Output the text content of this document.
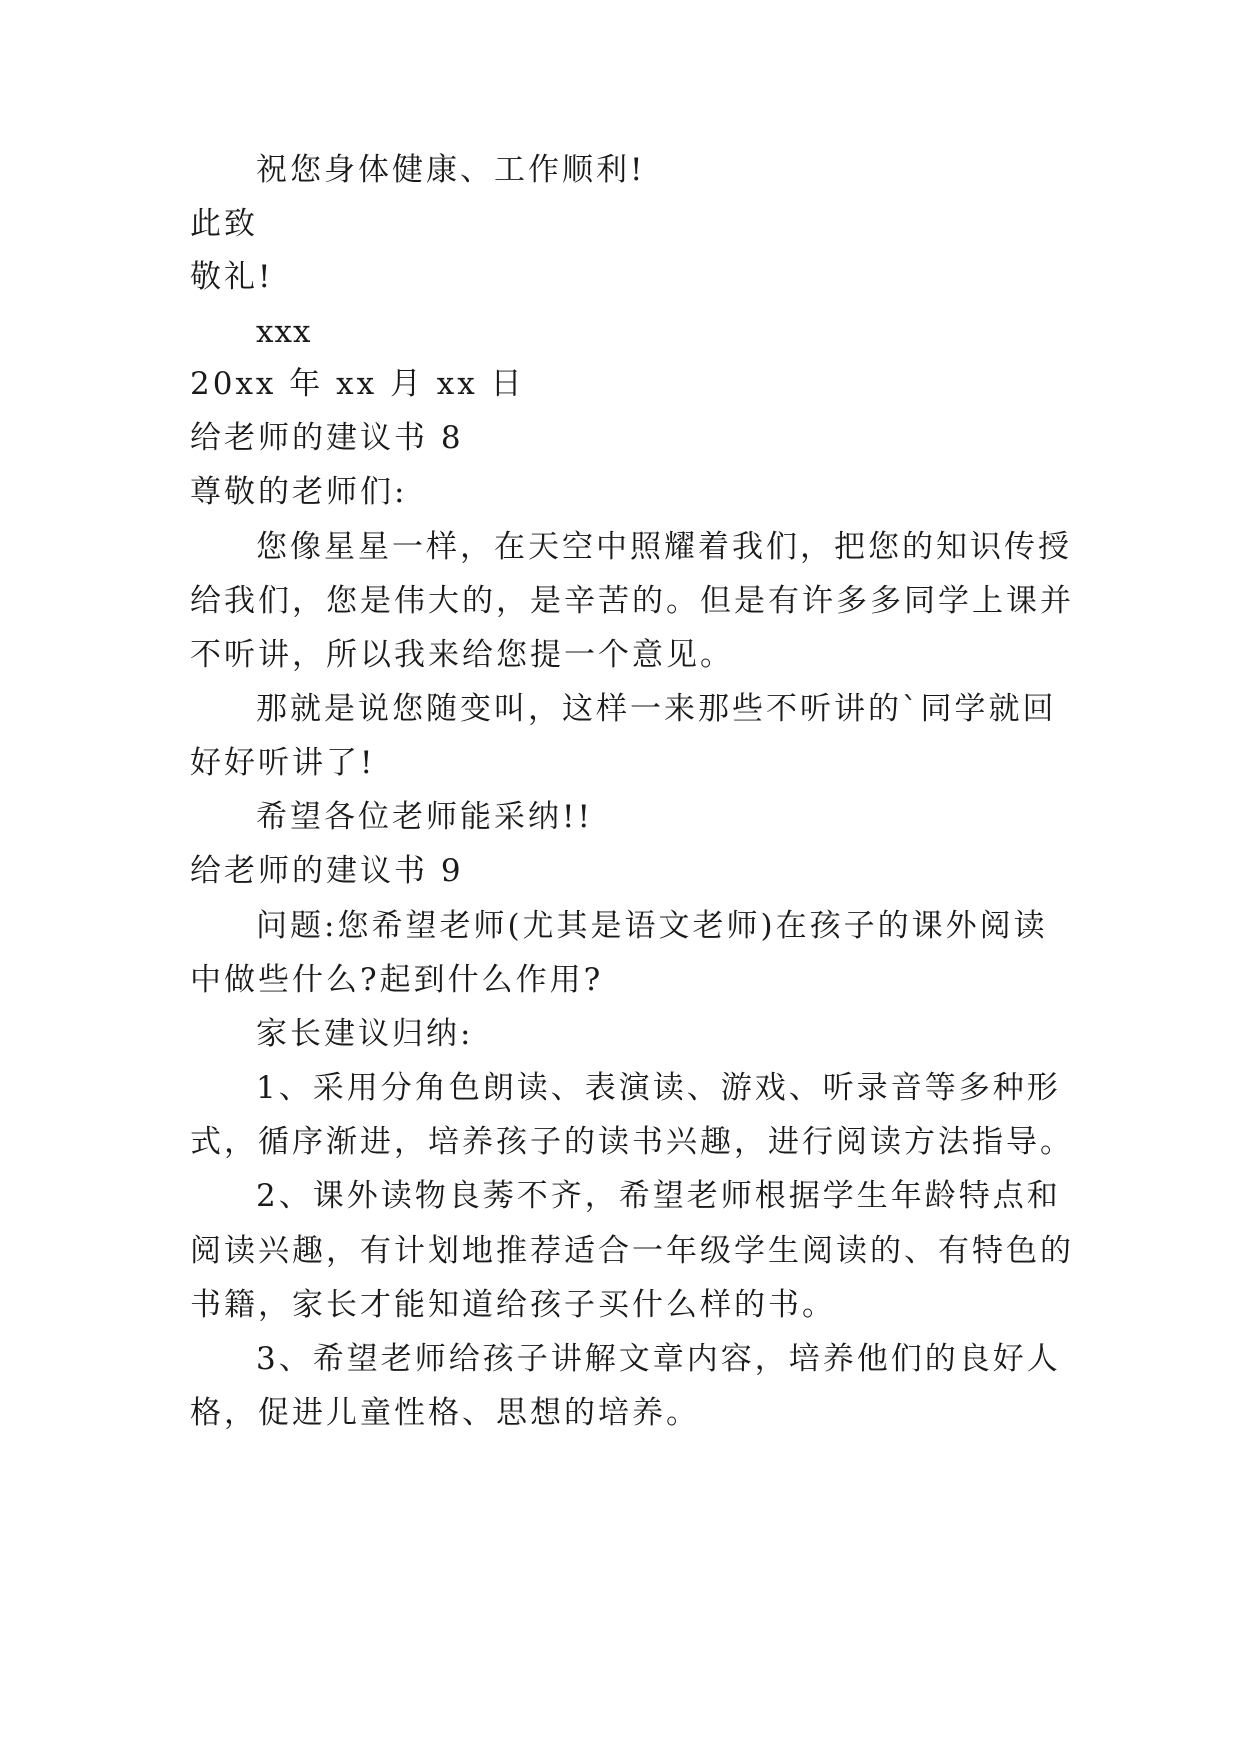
祝您身体健康、工作顺利!
此致
敬礼!
xxx
20xx 年 xx 月 xx 日
给老师的建议书 8
尊敬的老师们:
您像星星一样，在天空中照耀着我们，把您的知识传授
给我们，您是伟大的，是辛苦的。但是有许多多同学上课并
不听讲，所以我来给您提一个意见。
那就是说您随变叫，这样一来那些不听讲的`同学就回
好好听讲了!
希望各位老师能采纳!!
给老师的建议书 9
问题:您希望老师(尤其是语文老师)在孩子的课外阅读
中做些什么?起到什么作用?
家长建议归纳:
1、采用分角色朗读、表演读、游戏、听录音等多种形
式，循序渐进，培养孩子的读书兴趣，进行阅读方法指导。
2、课外读物良莠不齐，希望老师根据学生年龄特点和
阅读兴趣，有计划地推荐适合一年级学生阅读的、有特色的
书籍，家长才能知道给孩子买什么样的书。
3、希望老师给孩子讲解文章内容，培养他们的良好人
格，促进儿童性格、思想的培养。
